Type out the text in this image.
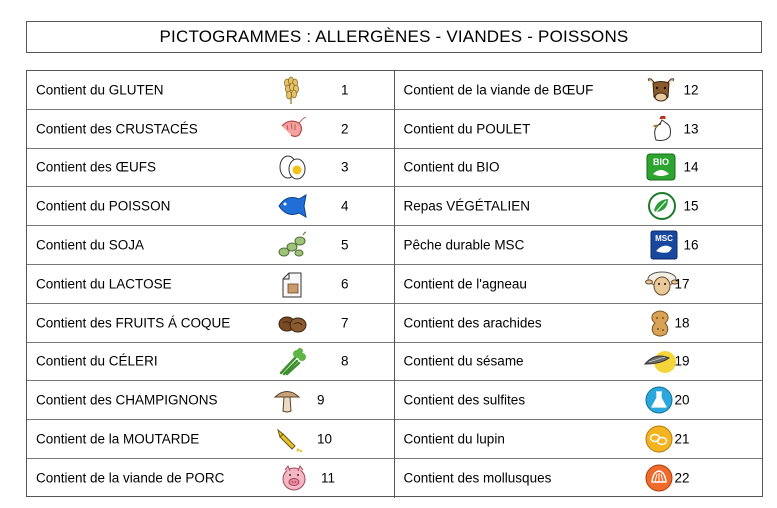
PICTOGRAMMES : ALLERGÈNES - VIANDES - POISSONS
Contient du GLUTEN	1
Contient des CRUSTACÉS	2
Contient des ŒUFS	3
Contient du POISSON	4
Contient du SOJA	5
Contient du LACTOSE	6
Contient des FRUITS Á COQUE	7
Contient du CÉLERI	8
Contient des CHAMPIGNONS	9
Contient de la MOUTARDE	10
Contient de la viande de PORC	11
Contient de la viande de BŒUF	12
Contient du POULET	13
Contient du BIO	BIO 14
Repas VÉGÉTALIEN	15
Pêche durable MSC	MSC 16
Contient de l'agneau	17
Contient des arachides	18
Contient du sésame	19
Contient des sulfites	20
Contient du lupin	21
Contient des mollusques	22
